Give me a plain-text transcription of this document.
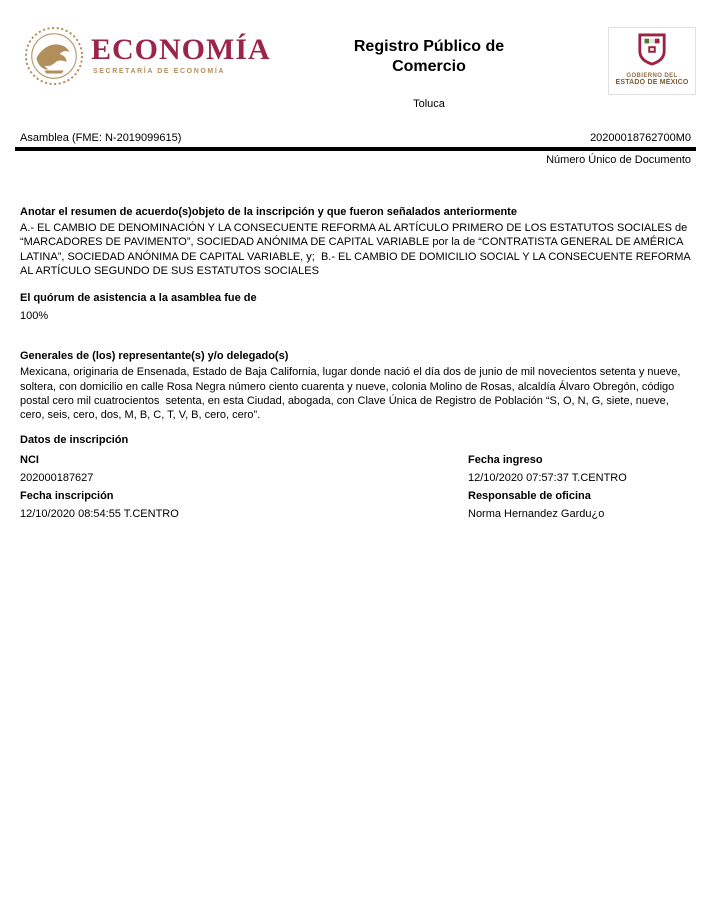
ECONOMÍA
SECRETARÍA DE ECONOMÍA
Registro Público de Comercio
Toluca
GOBIERNO DEL
ESTADO DE MÉXICO
Asamblea (FME: N-2019099615)	20200018762700M0
Número Único de Documento
Anotar el resumen de acuerdo(s)objeto de la inscripción y que fueron señalados anteriormente
A.- EL CAMBIO DE DENOMINACIÓN Y LA CONSECUENTE REFORMA AL ARTÍCULO PRIMERO DE LOS ESTATUTOS SOCIALES de “MARCADORES DE PAVIMENTO”, SOCIEDAD ANÓNIMA DE CAPITAL VARIABLE por la de “CONTRATISTA GENERAL DE AMÉRICA LATINA”, SOCIEDAD ANÓNIMA DE CAPITAL VARIABLE, y;  B.- EL CAMBIO DE DOMICILIO SOCIAL Y LA CONSECUENTE REFORMA AL ARTÍCULO SEGUNDO DE SUS ESTATUTOS SOCIALES
El quórum de asistencia a la asamblea fue de
100%
Generales de (los) representante(s) y/o delegado(s)
Mexicana, originaria de Ensenada, Estado de Baja California, lugar donde nació el día dos de junio de mil novecientos setenta y nueve, soltera, con domicilio en calle Rosa Negra número ciento cuarenta y nueve, colonia Molino de Rosas, alcaldía Álvaro Obregón, código postal cero mil cuatrocientos  setenta, en esta Ciudad, abogada, con Clave Única de Registro de Población “S, O, N, G, siete, nueve, cero, seis, cero, dos, M, B, C, T, V, B, cero, cero”.
Datos de inscripción
NCI
202000187627
Fecha inscripción
12/10/2020 08:54:55 T.CENTRO
Fecha ingreso
12/10/2020 07:57:37 T.CENTRO
Responsable de oficina
Norma Hernandez Gardu¿o
